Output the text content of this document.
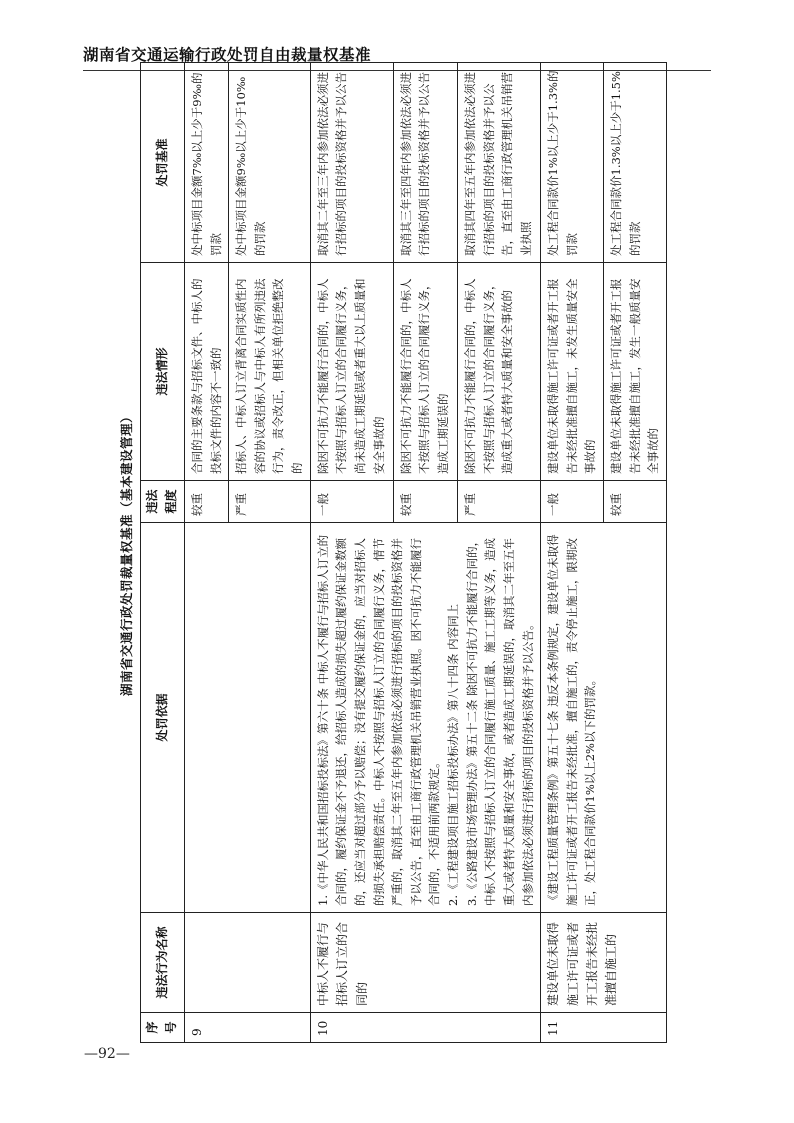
湖南省交通运输行政处罚自由裁量权基准
湖南省交通行政处罚裁量权基准（基本建设管理）
序号	违法行为名称	处罚依据	违法程度	违法情形	处罚基准
9			较重	合同的主要条款与招标文件、中标人的投标文件的内容不一致的	处中标项目金额7‰以上少于9‰的罚款
			严重	招标人、中标人订立背离合同实质性内容的协议或招标人与中标人有所列违法行为，责令改正，但相关单位拒绝整改的	处中标项目金额9‰以上少于10‰的罚款
10	中标人不履行与招标人订立的合同的	1.《中华人民共和国招标投标法》第六十条 中标人不履行与招标人订立的合同的，履约保证金不予退还，给招标人造成的损失超过履约保证金数额的，还应当对超过部分予以赔偿；没有提交履约保证金的，应当对招标人的损失承担赔偿责任。中标人不按照与招标人订立的合同履行义务，情节严重的，取消其二年至五年内参加依法必须进行招标的项目的投标资格并予以公告，直至由工商行政管理机关吊销营业执照。因不可抗力不能履行合同的，不适用前两款规定。 2.《工程建设项目施工招标投标办法》第八十四条 内容同上 3.《公路建设市场管理办法》第五十二条 除因不可抗力不能履行合同的，中标人不按照与招标人订立的合同履行施工质量、施工工期等义务，造成重大或者特大质量和安全事故，或者造成工期延误的，取消其二年至五年内参加依法必须进行招标的项目的投标资格并予以公告。	一般	除因不可抗力不能履行合同的，中标人不按照与招标人订立的合同履行义务，尚未造成工期延误或者重大以上质量和安全事故的	取消其二年至三年内参加依法必须进行招标的项目的投标资格并予以公告
			较重	除因不可抗力不能履行合同的，中标人不按照与招标人订立的合同履行义务，造成工期延误的	取消其三年至四年内参加依法必须进行招标的项目的投标资格并予以公告
			严重	除因不可抗力不能履行合同的，中标人不按照与招标人订立的合同履行义务，造成重大或者特大质量和安全事故的	取消其四年至五年内参加依法必须进行招标的项目的投标资格并予以公告，直至由工商行政管理机关吊销营业执照
11	建设单位未取得施工许可证或者开工报告未经批准擅自施工的	《建设工程质量管理条例》第五十七条 违反本条例规定，建设单位未取得施工许可证或者开工报告未经批准，擅自施工的，责令停止施工，限期改正，处工程合同款价1%以上2%以下的罚款。	一般	建设单位未取得施工许可证或者开工报告未经批准擅自施工，未发生质量安全事故的	处工程合同款价1%以上少于1.3%的罚款
			较重	建设单位未取得施工许可证或者开工报告未经批准擅自施工，发生一般质量安全事故的	处工程合同款价1.3%以上少于1.5%的罚款
—92—
